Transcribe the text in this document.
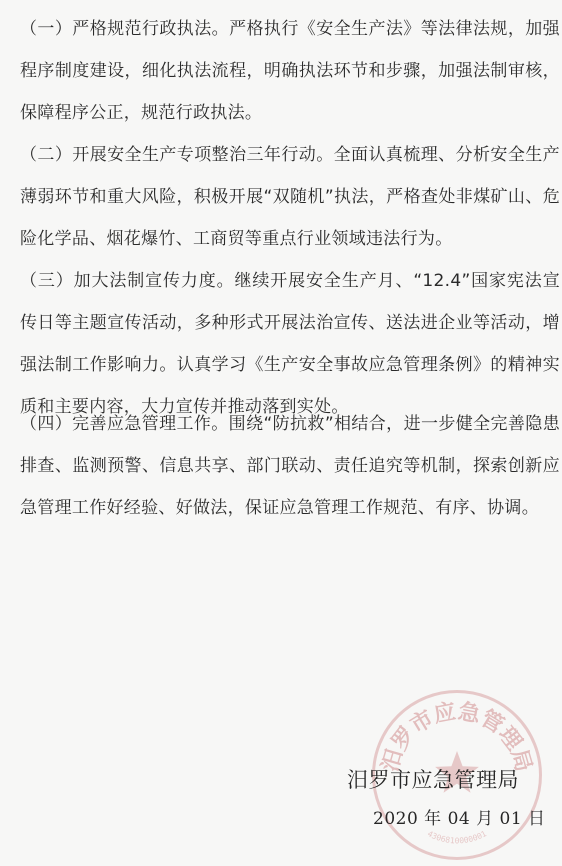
（一）严格规范行政执法。严格执行《安全生产法》等法律法规，加强程序制度建设，细化执法流程，明确执法环节和步骤，加强法制审核，保障程序公正，规范行政执法。

（二）开展安全生产专项整治三年行动。全面认真梳理、分析安全生产薄弱环节和重大风险，积极开展“双随机”执法，严格查处非煤矿山、危险化学品、烟花爆竹、工商贸等重点行业领域违法行为。

（三）加大法制宣传力度。继续开展安全生产月、“12.4”国家宪法宣传日等主题宣传活动，多种形式开展法治宣传、送法进企业等活动，增强法制工作影响力。认真学习《生产安全事故应急管理条例》的精神实质和主要内容，大力宣传并推动落到实处。

（四）完善应急管理工作。围绕“防抗救”相结合，进一步健全完善隐患排查、监测预警、信息共享、部门联动、责任追究等机制，探索创新应急管理工作好经验、好做法，保证应急管理工作规范、有序、协调。

汨罗市应急管理局
4306810000001
汨罗市应急管理局
2020 年 04 月 01 日
